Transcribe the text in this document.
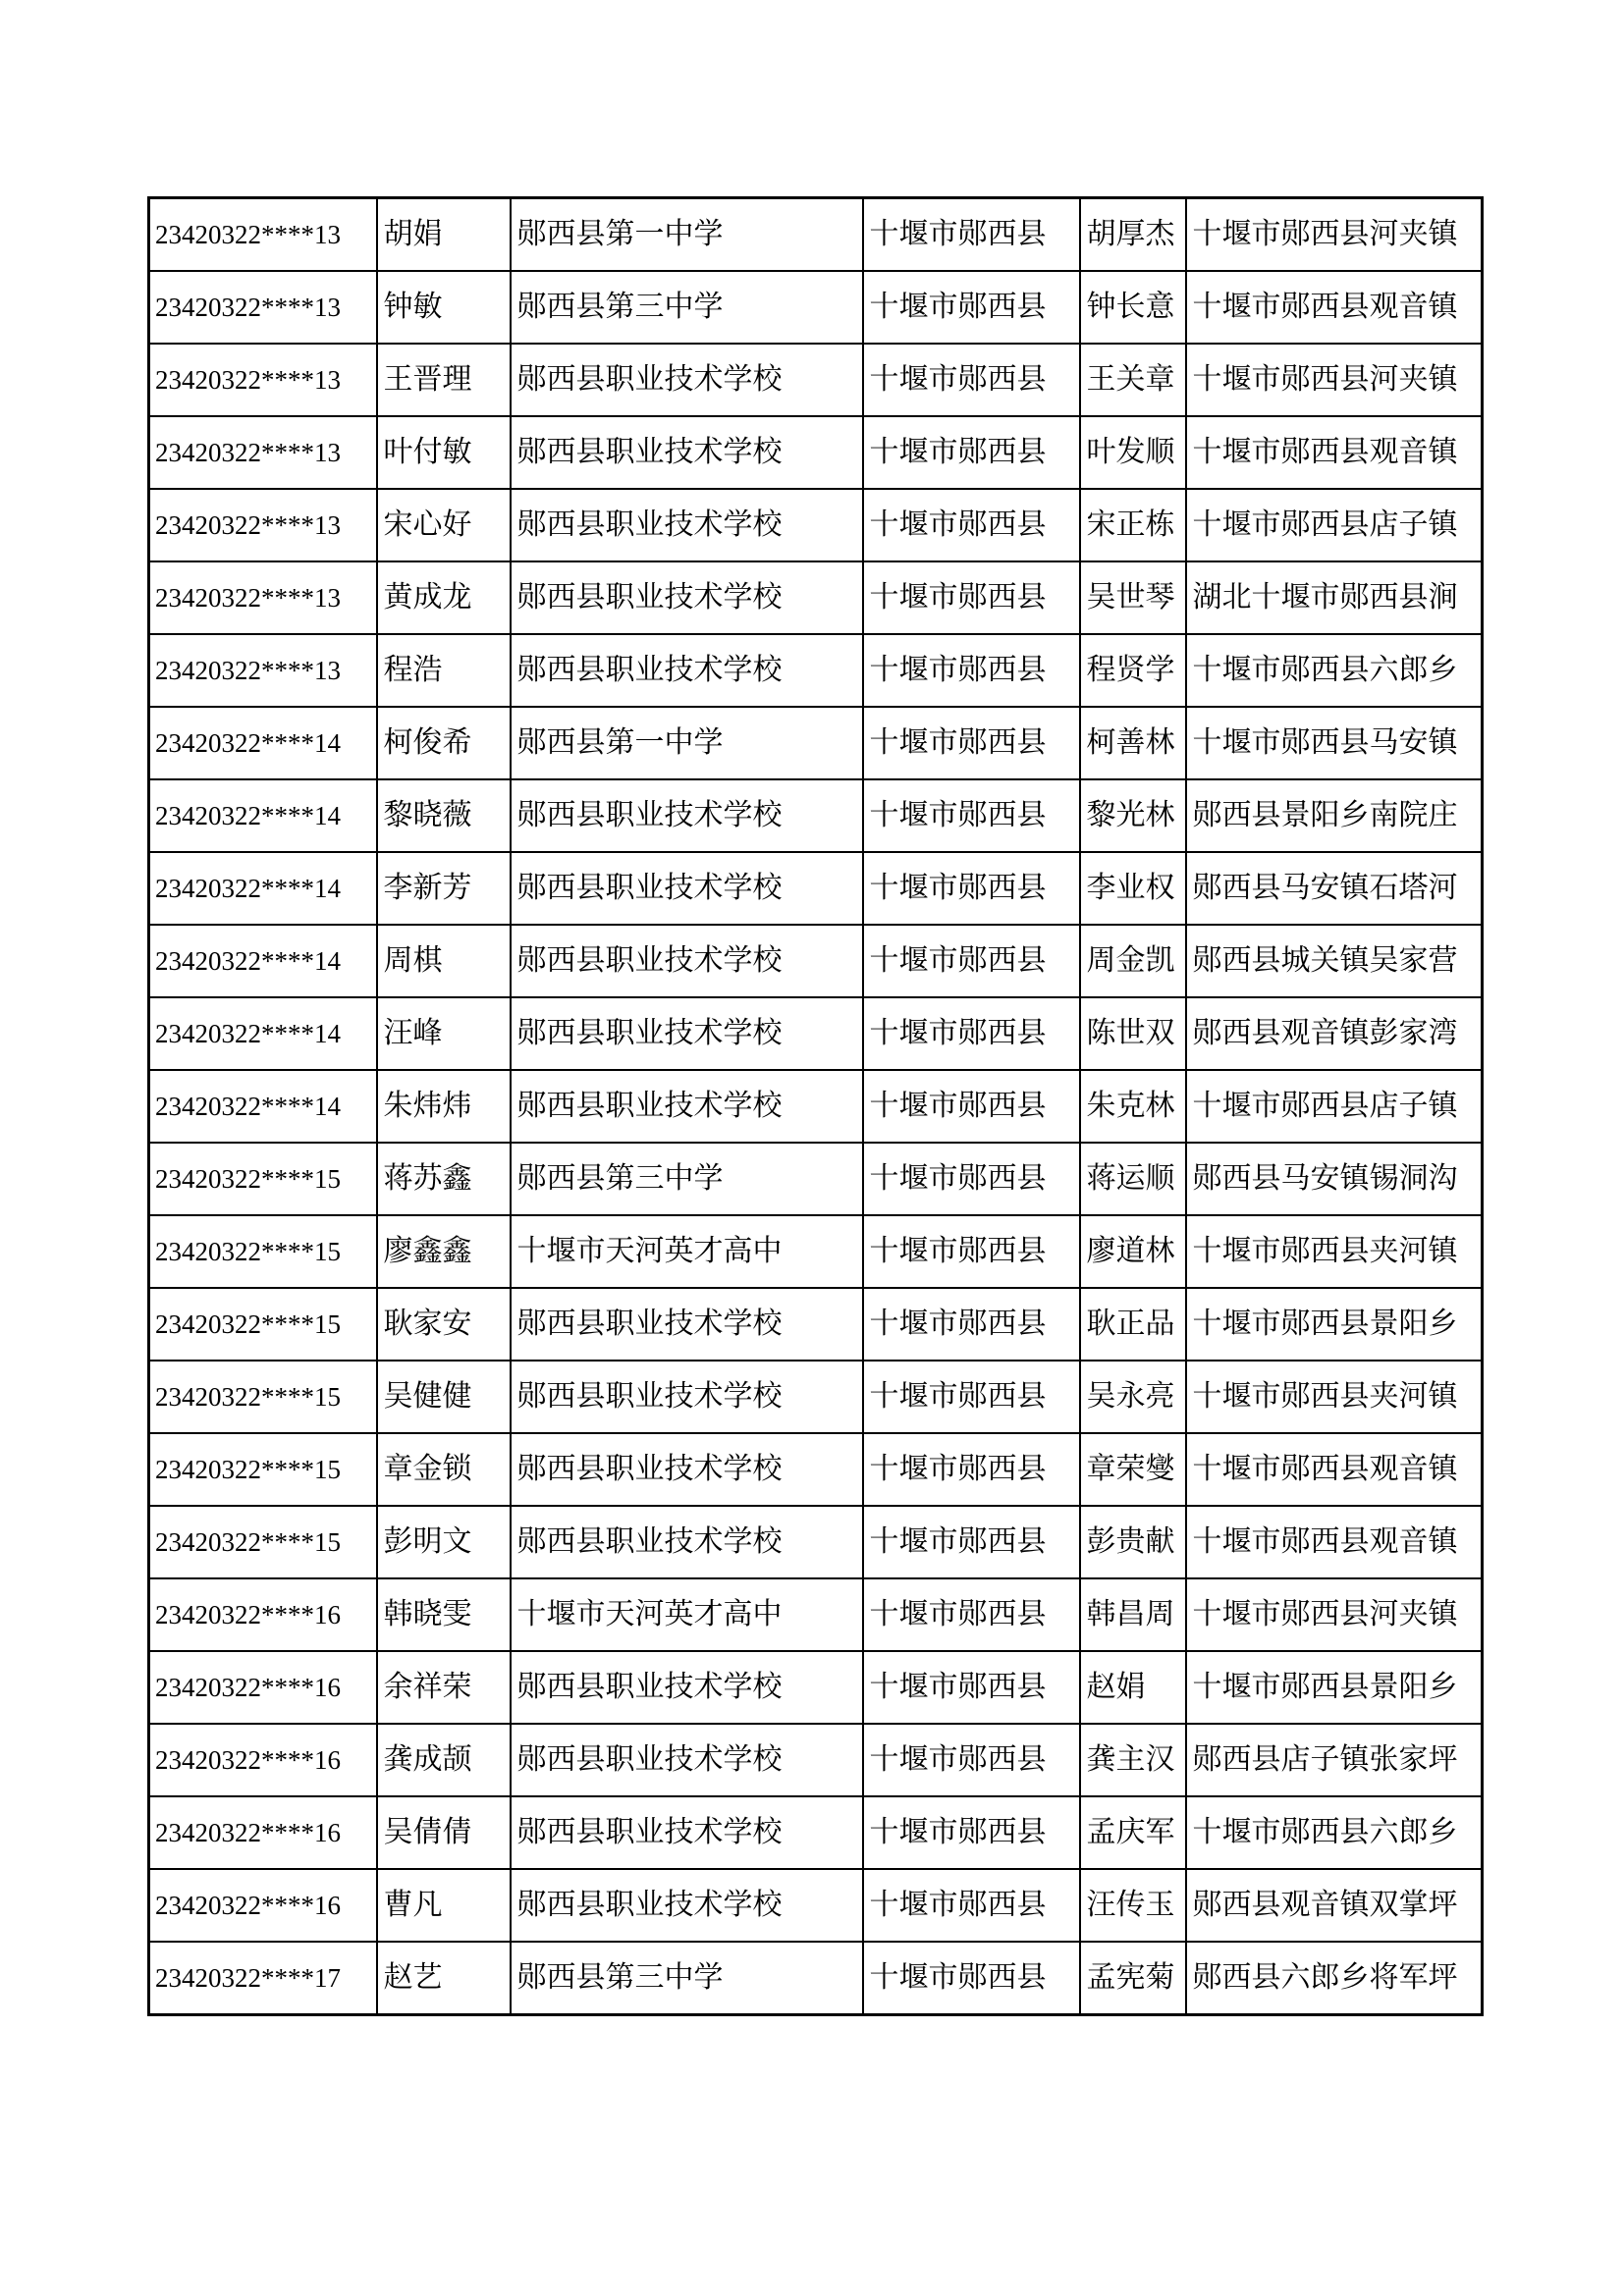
23420322****13	胡娟	郧西县第一中学	十堰市郧西县	胡厚杰	十堰市郧西县河夹镇
23420322****13	钟敏	郧西县第三中学	十堰市郧西县	钟长意	十堰市郧西县观音镇
23420322****13	王晋理	郧西县职业技术学校	十堰市郧西县	王关章	十堰市郧西县河夹镇
23420322****13	叶付敏	郧西县职业技术学校	十堰市郧西县	叶发顺	十堰市郧西县观音镇
23420322****13	宋心好	郧西县职业技术学校	十堰市郧西县	宋正栋	十堰市郧西县店子镇
23420322****13	黄成龙	郧西县职业技术学校	十堰市郧西县	吴世琴	湖北十堰市郧西县涧
23420322****13	程浩	郧西县职业技术学校	十堰市郧西县	程贤学	十堰市郧西县六郎乡
23420322****14	柯俊希	郧西县第一中学	十堰市郧西县	柯善林	十堰市郧西县马安镇
23420322****14	黎晓薇	郧西县职业技术学校	十堰市郧西县	黎光林	郧西县景阳乡南院庄
23420322****14	李新芳	郧西县职业技术学校	十堰市郧西县	李业权	郧西县马安镇石塔河
23420322****14	周棋	郧西县职业技术学校	十堰市郧西县	周金凯	郧西县城关镇吴家营
23420322****14	汪峰	郧西县职业技术学校	十堰市郧西县	陈世双	郧西县观音镇彭家湾
23420322****14	朱炜炜	郧西县职业技术学校	十堰市郧西县	朱克林	十堰市郧西县店子镇
23420322****15	蒋苏鑫	郧西县第三中学	十堰市郧西县	蒋运顺	郧西县马安镇锡洞沟
23420322****15	廖鑫鑫	十堰市天河英才高中	十堰市郧西县	廖道林	十堰市郧西县夹河镇
23420322****15	耿家安	郧西县职业技术学校	十堰市郧西县	耿正品	十堰市郧西县景阳乡
23420322****15	吴健健	郧西县职业技术学校	十堰市郧西县	吴永亮	十堰市郧西县夹河镇
23420322****15	章金锁	郧西县职业技术学校	十堰市郧西县	章荣燮	十堰市郧西县观音镇
23420322****15	彭明文	郧西县职业技术学校	十堰市郧西县	彭贵献	十堰市郧西县观音镇
23420322****16	韩晓雯	十堰市天河英才高中	十堰市郧西县	韩昌周	十堰市郧西县河夹镇
23420322****16	余祥荣	郧西县职业技术学校	十堰市郧西县	赵娟	十堰市郧西县景阳乡
23420322****16	龚成颉	郧西县职业技术学校	十堰市郧西县	龚主汉	郧西县店子镇张家坪
23420322****16	吴倩倩	郧西县职业技术学校	十堰市郧西县	孟庆军	十堰市郧西县六郎乡
23420322****16	曹凡	郧西县职业技术学校	十堰市郧西县	汪传玉	郧西县观音镇双掌坪
23420322****17	赵艺	郧西县第三中学	十堰市郧西县	孟宪菊	郧西县六郎乡将军坪
